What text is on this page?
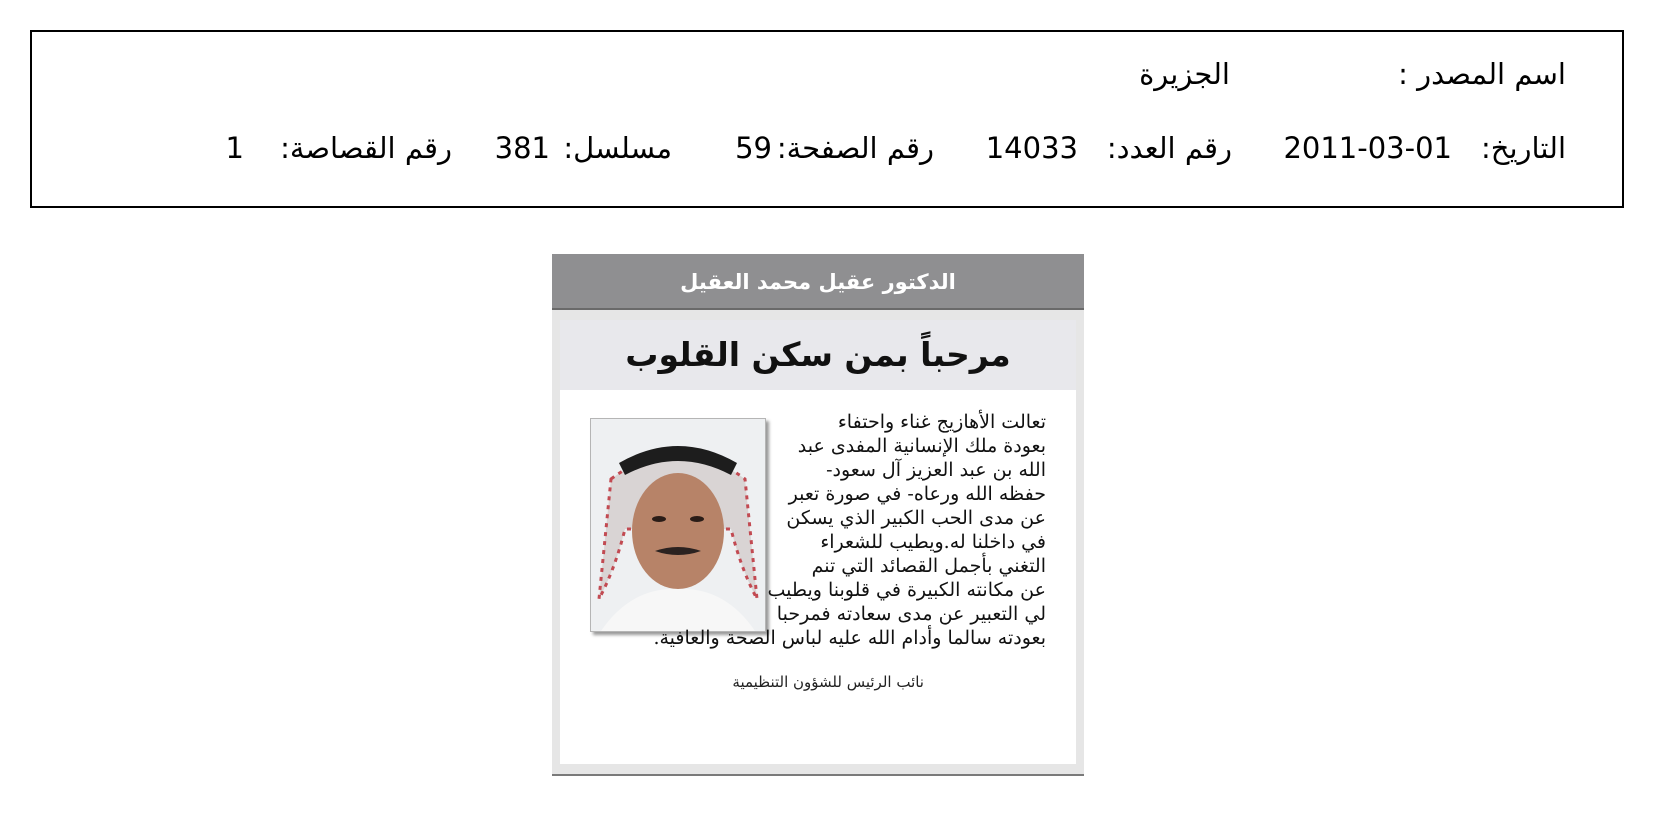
اسم المصدر :
الجزيرة
التاريخ:
2011-03-01
رقم العدد:
14033
رقم الصفحة:
59
مسلسل:
381
رقم القصاصة:
1
الدكتور عقيل محمد العقيل
مرحباً بمن سكن القلوب
تعالت الأهازيج غناء واحتفاء
بعودة ملك الإنسانية المفدى عبد
الله بن عبد العزيز آل سعود-
حفظه الله ورعاه- في صورة تعبر
عن مدى الحب الكبير الذي يسكن
في داخلنا له.ويطيب للشعراء
التغني بأجمل القصائد التي تنم
عن مكانته الكبيرة في قلوبنا ويطيب
لي التعبير عن مدى سعادته فمرحبا
بعودته سالما وأدام الله عليه لباس الصحة والعافية.
نائب الرئيس للشؤون التنظيمية
